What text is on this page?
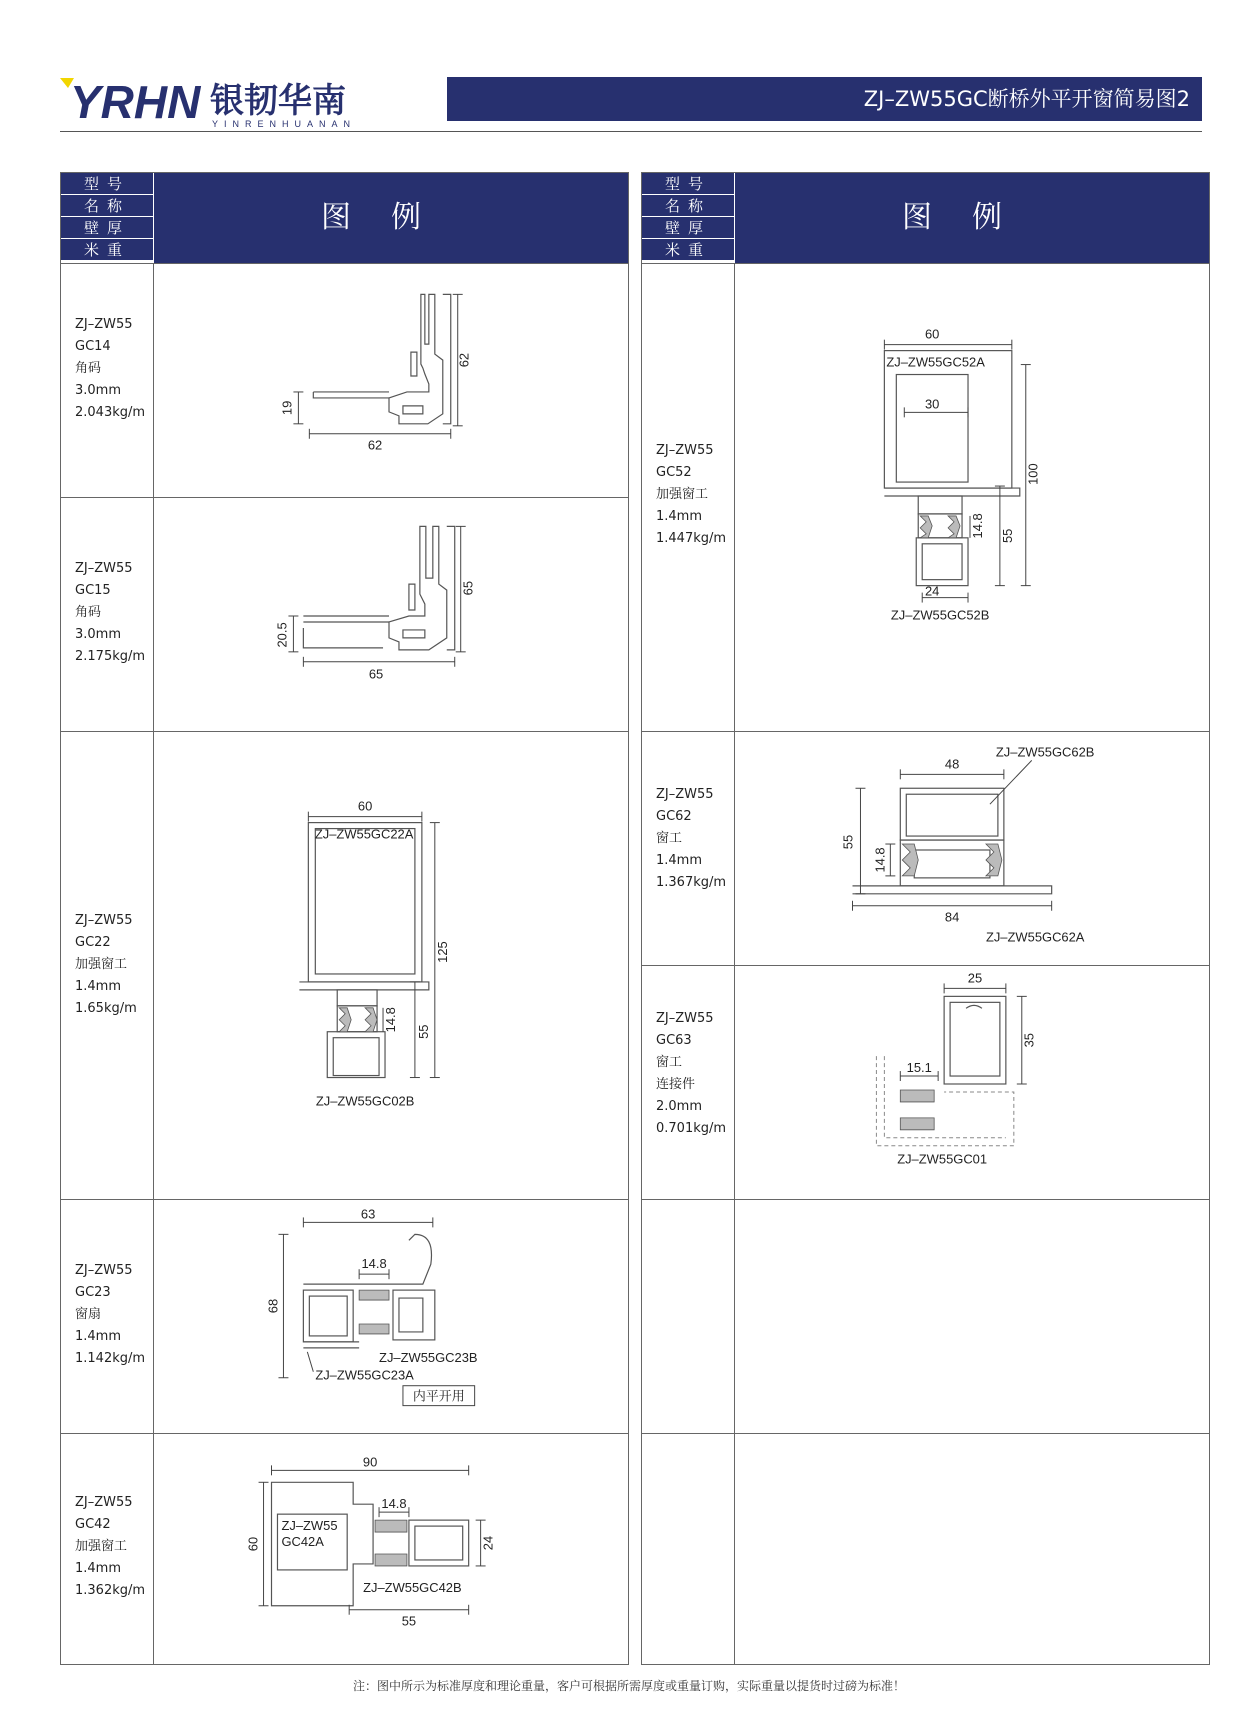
YRHN 银韧华南
YINRENHUANAN
ZJ–ZW55GC断桥外平开窗简易图2
型号
名称
壁厚
米重
图例
ZJ–ZW55
GC14
角码
3.0mm
2.043kg/m
62
19
62
ZJ–ZW55
GC15
角码
3.0mm
2.175kg/m
65
20.5
65
ZJ–ZW55
GC22
加强窗工
1.4mm
1.65kg/m
60
125
14.8 55
ZJ–ZW55GC22A
ZJ–ZW55GC02B
ZJ–ZW55
GC23
窗扇
1.4mm
1.142kg/m
63
14.8
68
ZJ–ZW55GC23B
ZJ–ZW55GC23A
内平开用
ZJ–ZW55
GC42
加强窗工
1.4mm
1.362kg/m
90
14.8
60	24
55
ZJ–ZW55
GC42A
ZJ–ZW55GC42B
型号
名称
壁厚
米重
图例
ZJ–ZW55
GC52
加强窗工
1.4mm
1.447kg/m
60
30
100
14.8 55
24
ZJ–ZW55GC52A
ZJ–ZW55GC52B
ZJ–ZW55
GC62
窗工
1.4mm
1.367kg/m
48
55
14.8
84
ZJ–ZW55GC62B
ZJ–ZW55GC62A
ZJ–ZW55
GC63
窗工
连接件
2.0mm
0.701kg/m
25
35
15.1
ZJ–ZW55GC01
注：图中所示为标准厚度和理论重量，客户可根据所需厚度或重量订购，实际重量以提货时过磅为标准！
